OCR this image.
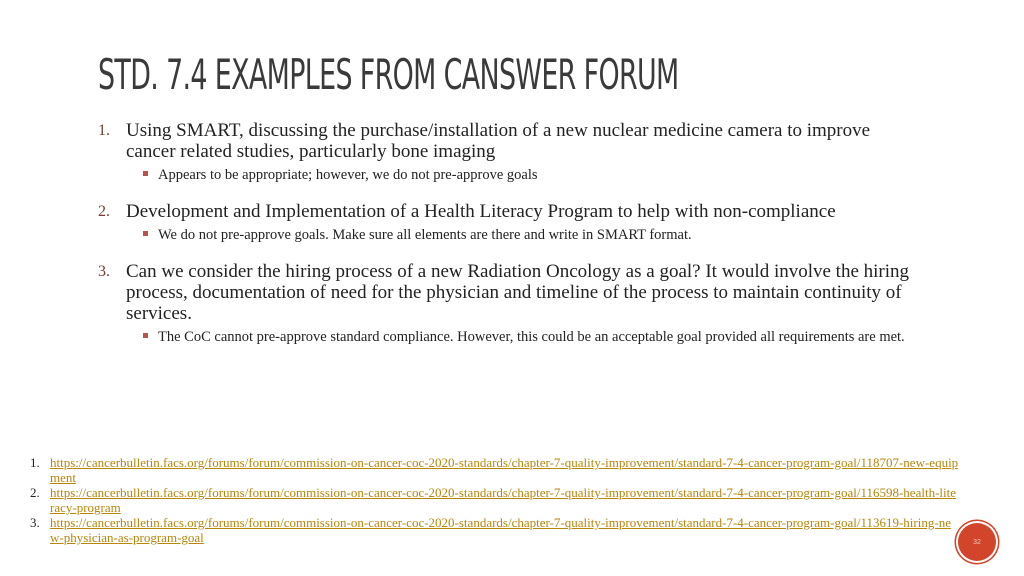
STD. 7.4 EXAMPLES FROM CANSWER FORUM
1. Using SMART, discussing the purchase/installation of a new nuclear medicine camera to improve cancer related studies, particularly bone imaging
Appears to be appropriate; however, we do not pre-approve goals
2. Development and Implementation of a Health Literacy Program to help with non-compliance
We do not pre-approve goals. Make sure all elements are there and write in SMART format.
3. Can we consider the hiring process of a new Radiation Oncology as a goal? It would involve the hiring process, documentation of need for the physician and timeline of the process to maintain continuity of services.
The CoC cannot pre-approve standard compliance. However, this could be an acceptable goal provided all requirements are met.
1. https://cancerbulletin.facs.org/forums/forum/commission-on-cancer-coc-2020-standards/chapter-7-quality-improvement/standard-7-4-cancer-program-goal/118707-new-equipment
2. https://cancerbulletin.facs.org/forums/forum/commission-on-cancer-coc-2020-standards/chapter-7-quality-improvement/standard-7-4-cancer-program-goal/116598-health-literacy-program
3. https://cancerbulletin.facs.org/forums/forum/commission-on-cancer-coc-2020-standards/chapter-7-quality-improvement/standard-7-4-cancer-program-goal/113619-hiring-new-physician-as-program-goal	32
